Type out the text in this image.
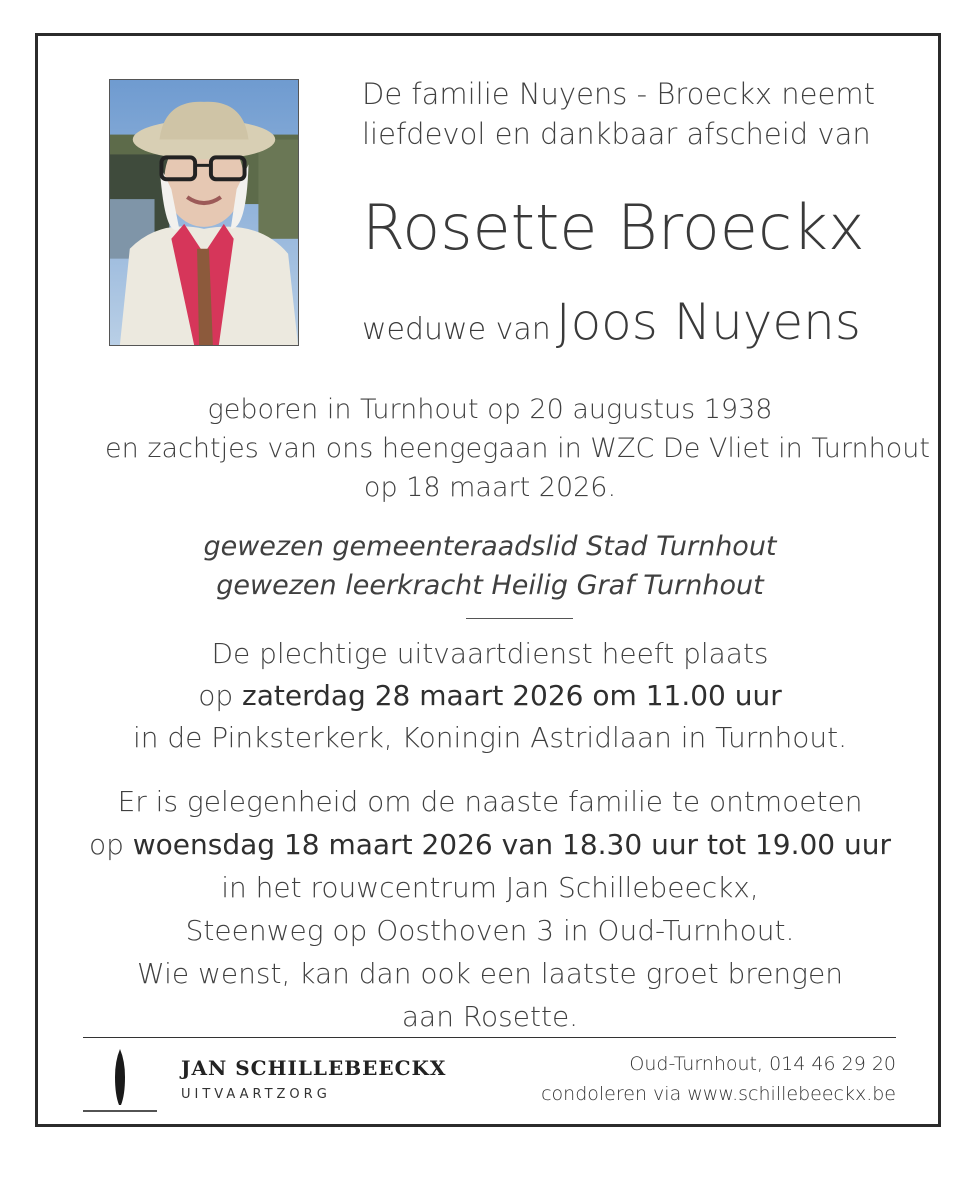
De familie Nuyens - Broeckx neemt
liefdevol en dankbaar afscheid van
Rosette Broeckx
weduwe van Joos Nuyens
geboren in Turnhout op 20 augustus 1938
en zachtjes van ons heengegaan in WZC De Vliet in Turnhout
op 18 maart 2026.
gewezen gemeenteraadslid Stad Turnhout
gewezen leerkracht Heilig Graf Turnhout
De plechtige uitvaartdienst heeft plaats
op zaterdag 28 maart 2026 om 11.00 uur
in de Pinksterkerk, Koningin Astridlaan in Turnhout.
Er is gelegenheid om de naaste familie te ontmoeten
op woensdag 18 maart 2026 van 18.30 uur tot 19.00 uur
in het rouwcentrum Jan Schillebeeckx,
Steenweg op Oosthoven 3 in Oud-Turnhout.
Wie wenst, kan dan ook een laatste groet brengen
aan Rosette.
JAN SCHILLEBEECKX
UITVAARTZORG
Oud-Turnhout, 014 46 29 20
condoleren via www.schillebeeckx.be
